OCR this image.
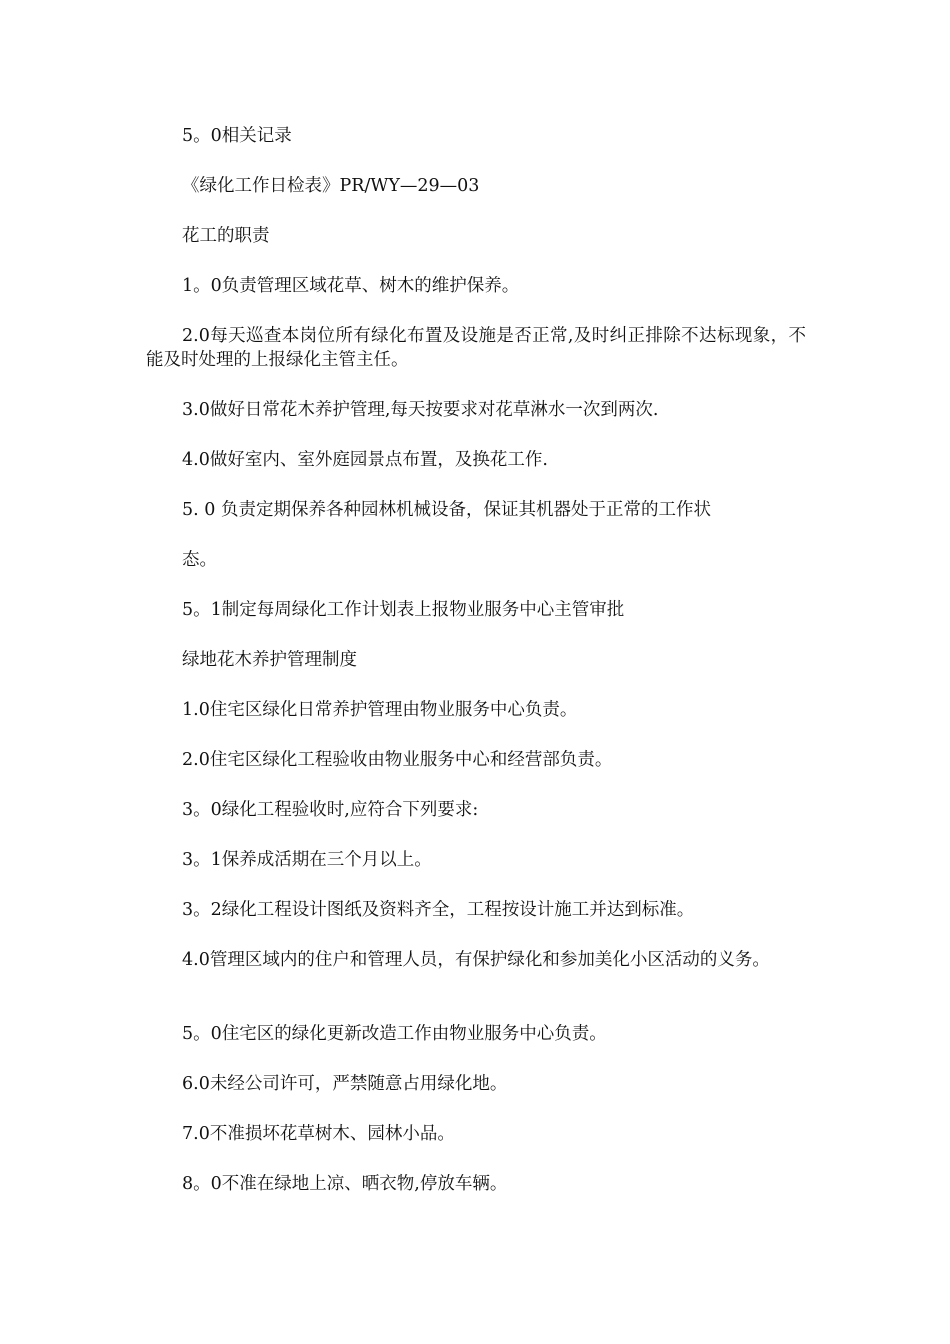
5。0相关记录

《绿化工作日检表》PR/WY—29—03

花工的职责

1。0负责管理区域花草、树木的维护保养。

2.0每天巡查本岗位所有绿化布置及设施是否正常,及时纠正排除不达标现象，不能及时处理的上报绿化主管主任。

3.0做好日常花木养护管理,每天按要求对花草淋水一次到两次.

4.0做好室内、室外庭园景点布置，及换花工作.

5. 0 负责定期保养各种园林机械设备，保证其机器处于正常的工作状

态。

5。1制定每周绿化工作计划表上报物业服务中心主管审批

绿地花木养护管理制度

1.0住宅区绿化日常养护管理由物业服务中心负责。

2.0住宅区绿化工程验收由物业服务中心和经营部负责。

3。0绿化工程验收时,应符合下列要求:

3。1保养成活期在三个月以上。

3。2绿化工程设计图纸及资料齐全，工程按设计施工并达到标准。

4.0管理区域内的住户和管理人员，有保护绿化和参加美化小区活动的义务。

5。0住宅区的绿化更新改造工作由物业服务中心负责。

6.0未经公司许可，严禁随意占用绿化地。

7.0不准损坏花草树木、园林小品。

8。0不准在绿地上凉、晒衣物,停放车辆。
